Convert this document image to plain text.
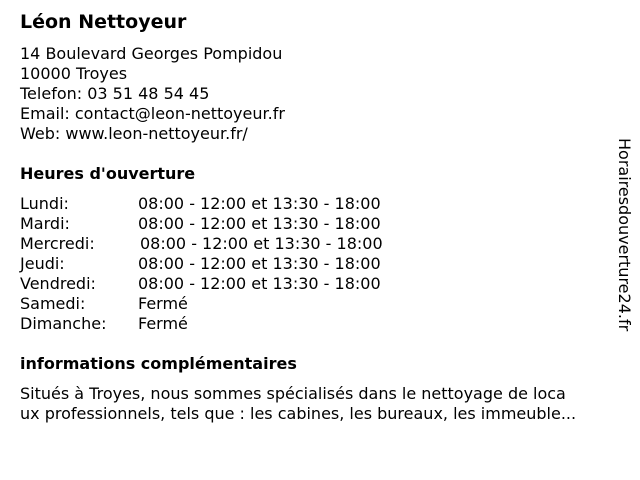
Léon Nettoyeur
14 Boulevard Georges Pompidou
10000 Troyes
Telefon: 03 51 48 54 45
Email: contact@leon-nettoyeur.fr
Web: www.leon-nettoyeur.fr/
Heures d'ouverture
Lundi:	08:00 - 12:00 et 13:30 - 18:00
Mardi:	08:00 - 12:00 et 13:30 - 18:00
Mercredi:	08:00 - 12:00 et 13:30 - 18:00
Jeudi:	08:00 - 12:00 et 13:30 - 18:00
Vendredi:	08:00 - 12:00 et 13:30 - 18:00
Samedi:	Fermé
Dimanche: Fermé
informations complémentaires
Situés à Troyes, nous sommes spécialisés dans le nettoyage de loca
ux professionnels, tels que : les cabines, les bureaux, les immeuble...
Horairesdouverture24.fr
